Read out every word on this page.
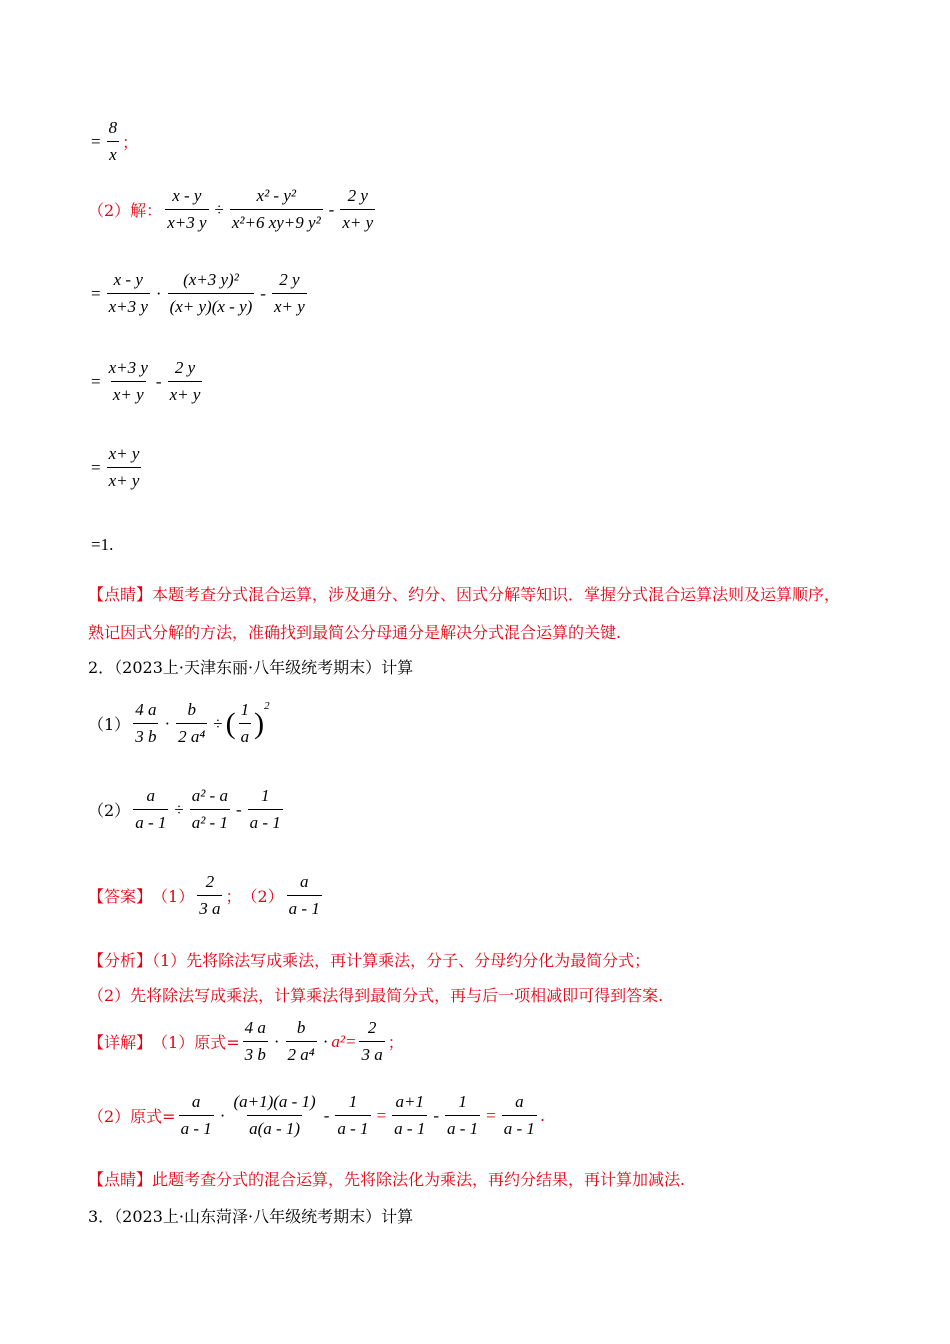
= $\frac{8}{x}$ ；
（2）解： $\frac{x - y}{x+3 y} \div \frac{\text{x² - y²}}{\text{x²+6 xy+9 y²}} - \frac{2 y}{x+ y}$
= $\frac{x - y}{x+3 y} \cdot \frac{\text{(x+3 y)²}}{(x+ y)(x - y)} - \frac{2 y}{x+ y}$
= $\frac{x+3 y}{x+ y} - \frac{2 y}{x+ y}$
= $\frac{x+ y}{x+ y}$
=1.
【点睛】本题考查分式混合运算，涉及通分、约分、因式分解等知识．掌握分式混合运算法则及运算顺序，
熟记因式分解的方法，准确找到最简公分母通分是解决分式混合运算的关键.
2．（2023上·天津东丽·八年级统考期末）计算
$(1) \frac{4 a}{3 b} \cdot \frac{b}{\text{2 a⁴}}$ ÷ ( $\frac{1}{a}$ )
2
$(2) \frac{a}{a - 1} \div \frac{\text{a² - a}}{\text{a² - 1}} - \frac{1}{a - 1}$
【答案】 $(1) \frac{2}{3 a}$ ； $(2) \frac{a}{a - 1}$
【分析】（1）先将除法写成乘法，再计算乘法，分子、分母约分化为最简分式；
（2）先将除法写成乘法，计算乘法得到最简分式，再与后一项相减即可得到答案.
【详解】 （1）原式= $\frac{4 a}{3 b} \cdot \frac{b}{\text{2 a⁴}} \cdot a^2= \frac{2}{3 a}$ ；
（2）原式= $\frac{a}{a - 1} \cdot \frac{(a+1)(a - 1)}{a(a - 1)} - \frac{1}{a - 1} = \frac{a+1}{a - 1} - \frac{1}{a - 1} = \frac{a}{a - 1}$ .
【点睛】此题考查分式的混合运算，先将除法化为乘法，再约分结果，再计算加减法.
3．（2023上·山东菏泽·八年级统考期末）计算
